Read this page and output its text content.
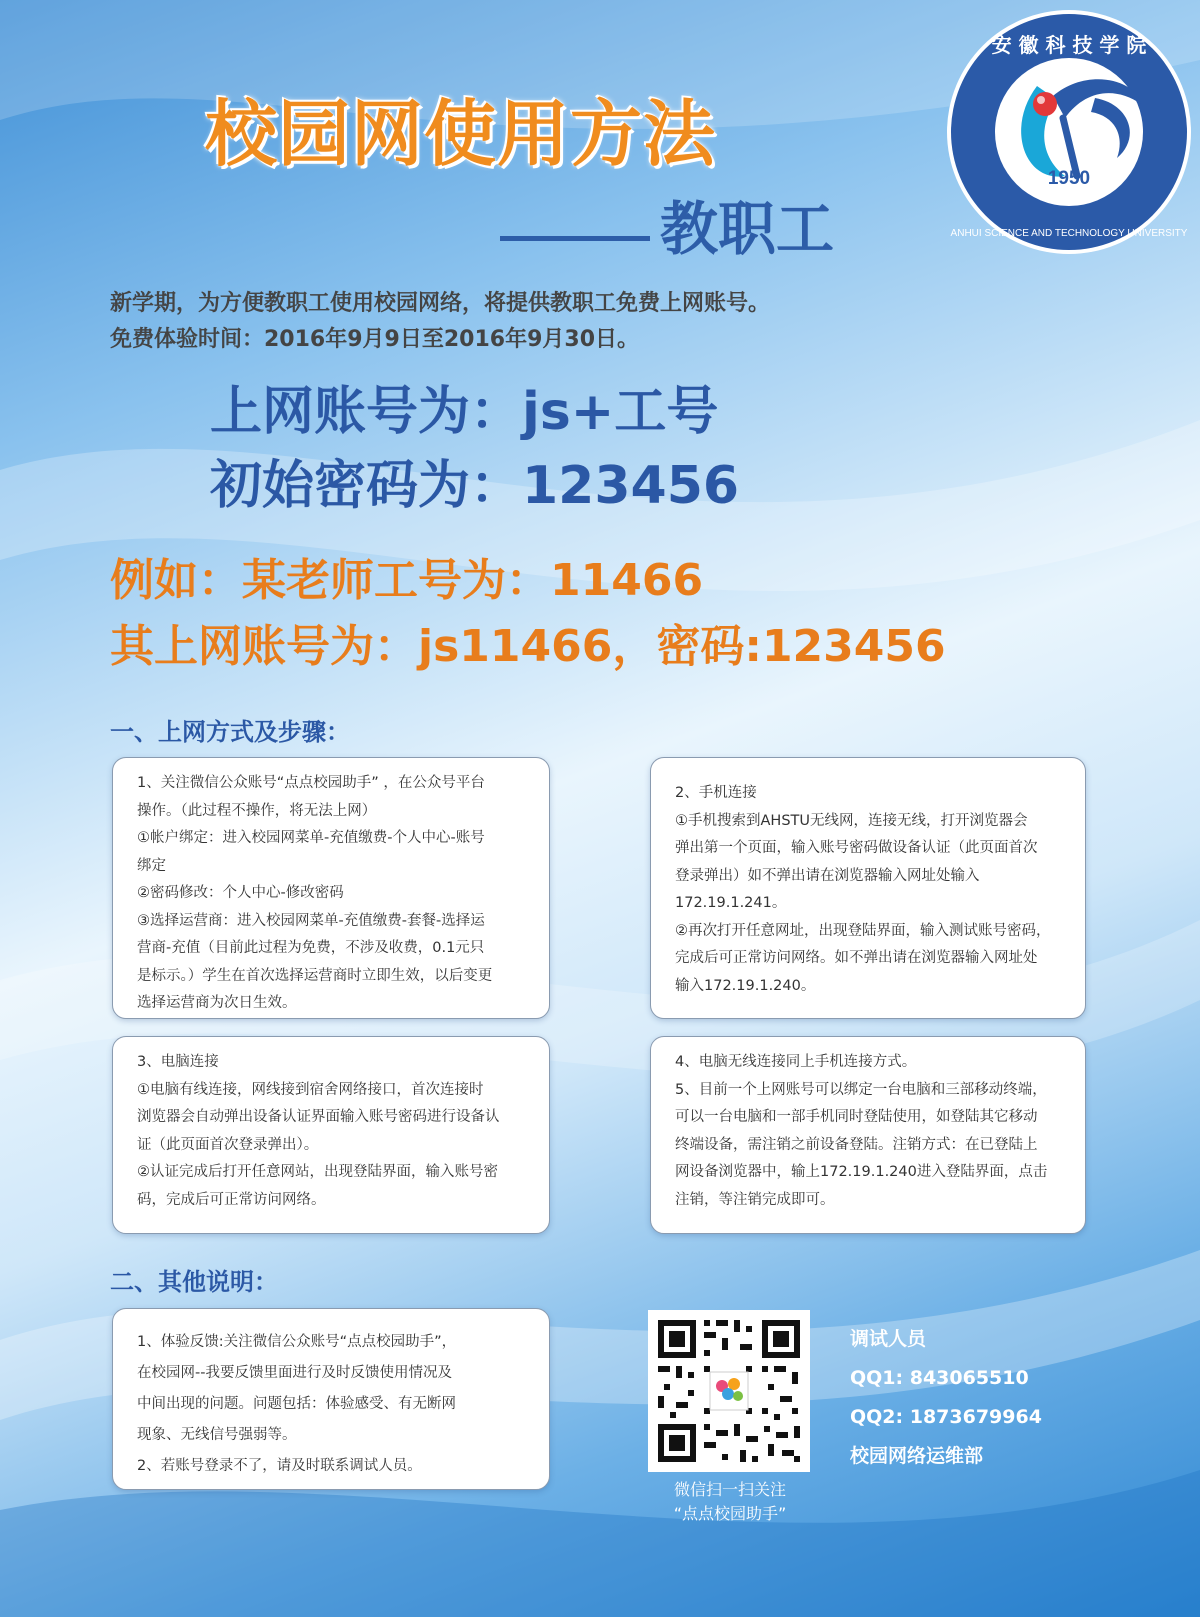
校园网使用方法
教职工
1950
安 徽 科 技 学 院
ANHUI SCIENCE AND TECHNOLOGY UNIVERSITY
新学期，为方便教职工使用校园网络，将提供教职工免费上网账号。
免费体验时间：2016年9月9日至2016年9月30日。
上网账号为：js+工号
初始密码为：123456
例如：某老师工号为：11466
其上网账号为：js11466，密码:123456
一、上网方式及步骤：

1、关注微信公众账号“点点校园助手” ，在公众号平台

操作。（此过程不操作，将无法上网）

①帐户绑定：进入校园网菜单-充值缴费-个人中心-账号

绑定

②密码修改：个人中心-修改密码

③选择运营商：进入校园网菜单-充值缴费-套餐-选择运

营商-充值（目前此过程为免费，不涉及收费，0.1元只

是标示。）学生在首次选择运营商时立即生效，以后变更

选择运营商为次日生效。

2、手机连接

①手机搜索到AHSTU无线网，连接无线，打开浏览器会

弹出第一个页面，输入账号密码做设备认证（此页面首次

登录弹出）如不弹出请在浏览器输入网址处输入

172.19.1.241。

②再次打开任意网址，出现登陆界面，输入测试账号密码，

完成后可正常访问网络。如不弹出请在浏览器输入网址处

输入172.19.1.240。

3、电脑连接

①电脑有线连接，网线接到宿舍网络接口，首次连接时

浏览器会自动弹出设备认证界面输入账号密码进行设备认

证（此页面首次登录弹出）。

②认证完成后打开任意网站，出现登陆界面，输入账号密

码，完成后可正常访问网络。

4、电脑无线连接同上手机连接方式。

5、目前一个上网账号可以绑定一台电脑和三部移动终端，

可以一台电脑和一部手机同时登陆使用，如登陆其它移动

终端设备，需注销之前设备登陆。注销方式：在已登陆上

网设备浏览器中，输上172.19.1.240进入登陆界面，点击

注销，等注销完成即可。

二、其他说明：

1、体验反馈:关注微信公众账号“点点校园助手”，

在校园网--我要反馈里面进行及时反馈使用情况及

中间出现的问题。问题包括：体验感受、有无断网

现象、无线信号强弱等。

2、若账号登录不了，请及时联系调试人员。

微信扫一扫关注
“点点校园助手”
调试人员
QQ1: 843065510
QQ2: 1873679964
校园网络运维部
